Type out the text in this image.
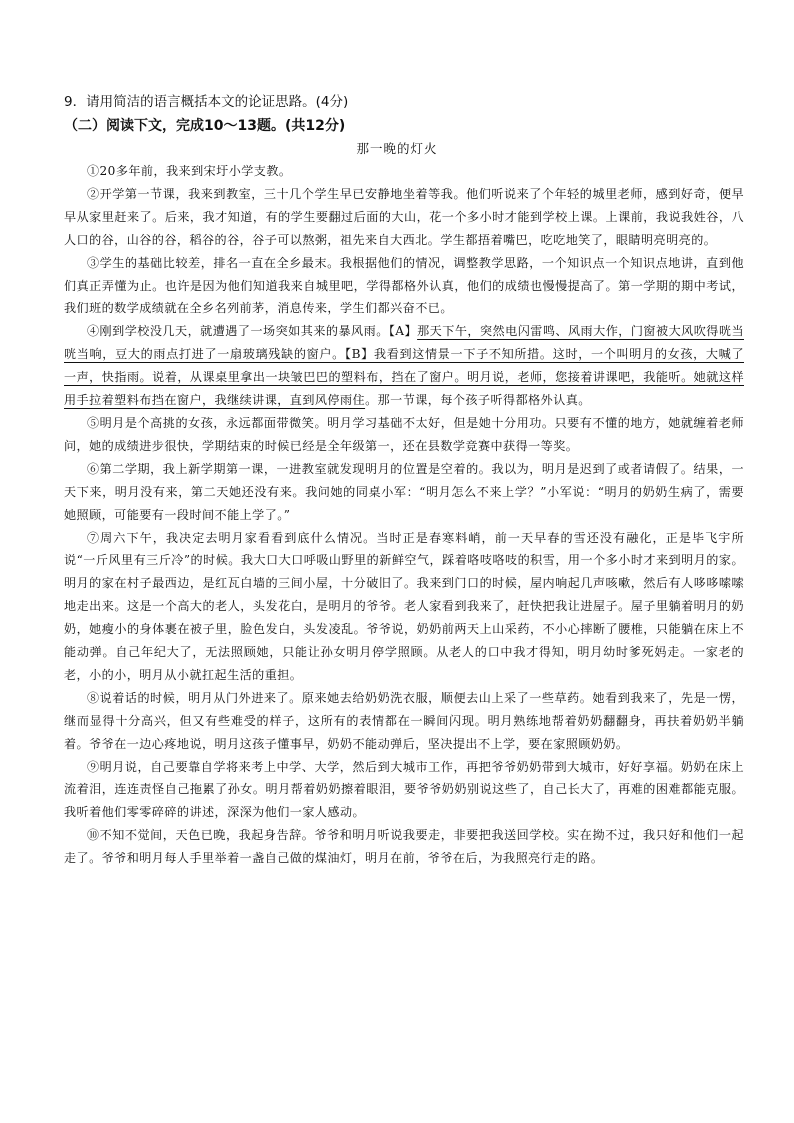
9．请用简洁的语言概括本文的论证思路。(4分)
（二）阅读下文，完成10～13题。(共12分)
那一晚的灯火

①20多年前，我来到宋圩小学支教。

②开学第一节课，我来到教室，三十几个学生早已安静地坐着等我。他们听说来了个年轻的城里老师，感到好奇，便早早从家里赶来了。后来，我才知道，有的学生要翻过后面的大山，花一个多小时才能到学校上课。上课前，我说我姓谷，八人口的谷，山谷的谷，稻谷的谷，谷子可以熬粥，祖先来自大西北。学生都捂着嘴巴，吃吃地笑了，眼睛明亮明亮的。

③学生的基础比较差，排名一直在全乡最末。我根据他们的情况，调整教学思路，一个知识点一个知识点地讲，直到他们真正弄懂为止。也许是因为他们知道我来自城里吧，学得都格外认真，他们的成绩也慢慢提高了。第一学期的期中考试，我们班的数学成绩就在全乡名列前茅，消息传来，学生们都兴奋不已。

④刚到学校没几天，就遭遇了一场突如其来的暴风雨。【A】那天下午，突然电闪雷鸣、风雨大作，门窗被大风吹得咣当咣当响，豆大的雨点打进了一扇玻璃残缺的窗户。【B】我看到这情景一下子不知所措。这时，一个叫明月的女孩，大喊了一声，快指雨。说着，从课桌里拿出一块皱巴巴的塑料布，挡在了窗户。明月说，老师，您接着讲课吧，我能听。她就这样用手拉着塑料布挡在窗户，我继续讲课，直到风停雨住。那一节课，每个孩子听得都格外认真。

⑤明月是个高挑的女孩，永远都面带微笑。明月学习基础不太好，但是她十分用功。只要有不懂的地方，她就缠着老师问，她的成绩进步很快，学期结束的时候已经是全年级第一，还在县数学竞赛中获得一等奖。

⑥第二学期，我上新学期第一课，一进教室就发现明月的位置是空着的。我以为，明月是迟到了或者请假了。结果，一天下来，明月没有来，第二天她还没有来。我问她的同桌小军：“明月怎么不来上学？”小军说：“明月的奶奶生病了，需要她照顾，可能要有一段时间不能上学了。”

⑦周六下午，我决定去明月家看看到底什么情况。当时正是春寒料峭，前一天早春的雪还没有融化，正是毕飞宇所说“一斤风里有三斤冷”的时候。我大口大口呼吸山野里的新鲜空气，踩着咯吱咯吱的积雪，用一个多小时才来到明月的家。明月的家在村子最西边，是红瓦白墙的三间小屋，十分破旧了。我来到门口的时候，屋内响起几声咳嗽，然后有人哆哆嗦嗦地走出来。这是一个高大的老人，头发花白，是明月的爷爷。老人家看到我来了，赶快把我让进屋子。屋子里躺着明月的奶奶，她瘦小的身体裹在被子里，脸色发白，头发凌乱。爷爷说，奶奶前两天上山采药，不小心摔断了腰椎，只能躺在床上不能动弹。自己年纪大了，无法照顾她，只能让孙女明月停学照顾。从老人的口中我才得知，明月幼时爹死妈走。一家老的老，小的小，明月从小就扛起生活的重担。

⑧说着话的时候，明月从门外进来了。原来她去给奶奶洗衣服，顺便去山上采了一些草药。她看到我来了，先是一愣，继而显得十分高兴，但又有些难受的样子，这所有的表情都在一瞬间闪现。明月熟练地帮着奶奶翻翻身，再扶着奶奶半躺着。爷爷在一边心疼地说，明月这孩子懂事早，奶奶不能动弹后，坚决提出不上学，要在家照顾奶奶。

⑨明月说，自己要靠自学将来考上中学、大学，然后到大城市工作，再把爷爷奶奶带到大城市，好好享福。奶奶在床上流着泪，连连责怪自己拖累了孙女。明月帮着奶奶擦着眼泪，要爷爷奶奶别说这些了，自己长大了，再难的困难都能克服。我听着他们零零碎碎的讲述，深深为他们一家人感动。

⑩不知不觉间，天色已晚，我起身告辞。爷爷和明月听说我要走，非要把我送回学校。实在拗不过，我只好和他们一起走了。爷爷和明月每人手里举着一盏自己做的煤油灯，明月在前，爷爷在后，为我照亮行走的路。
